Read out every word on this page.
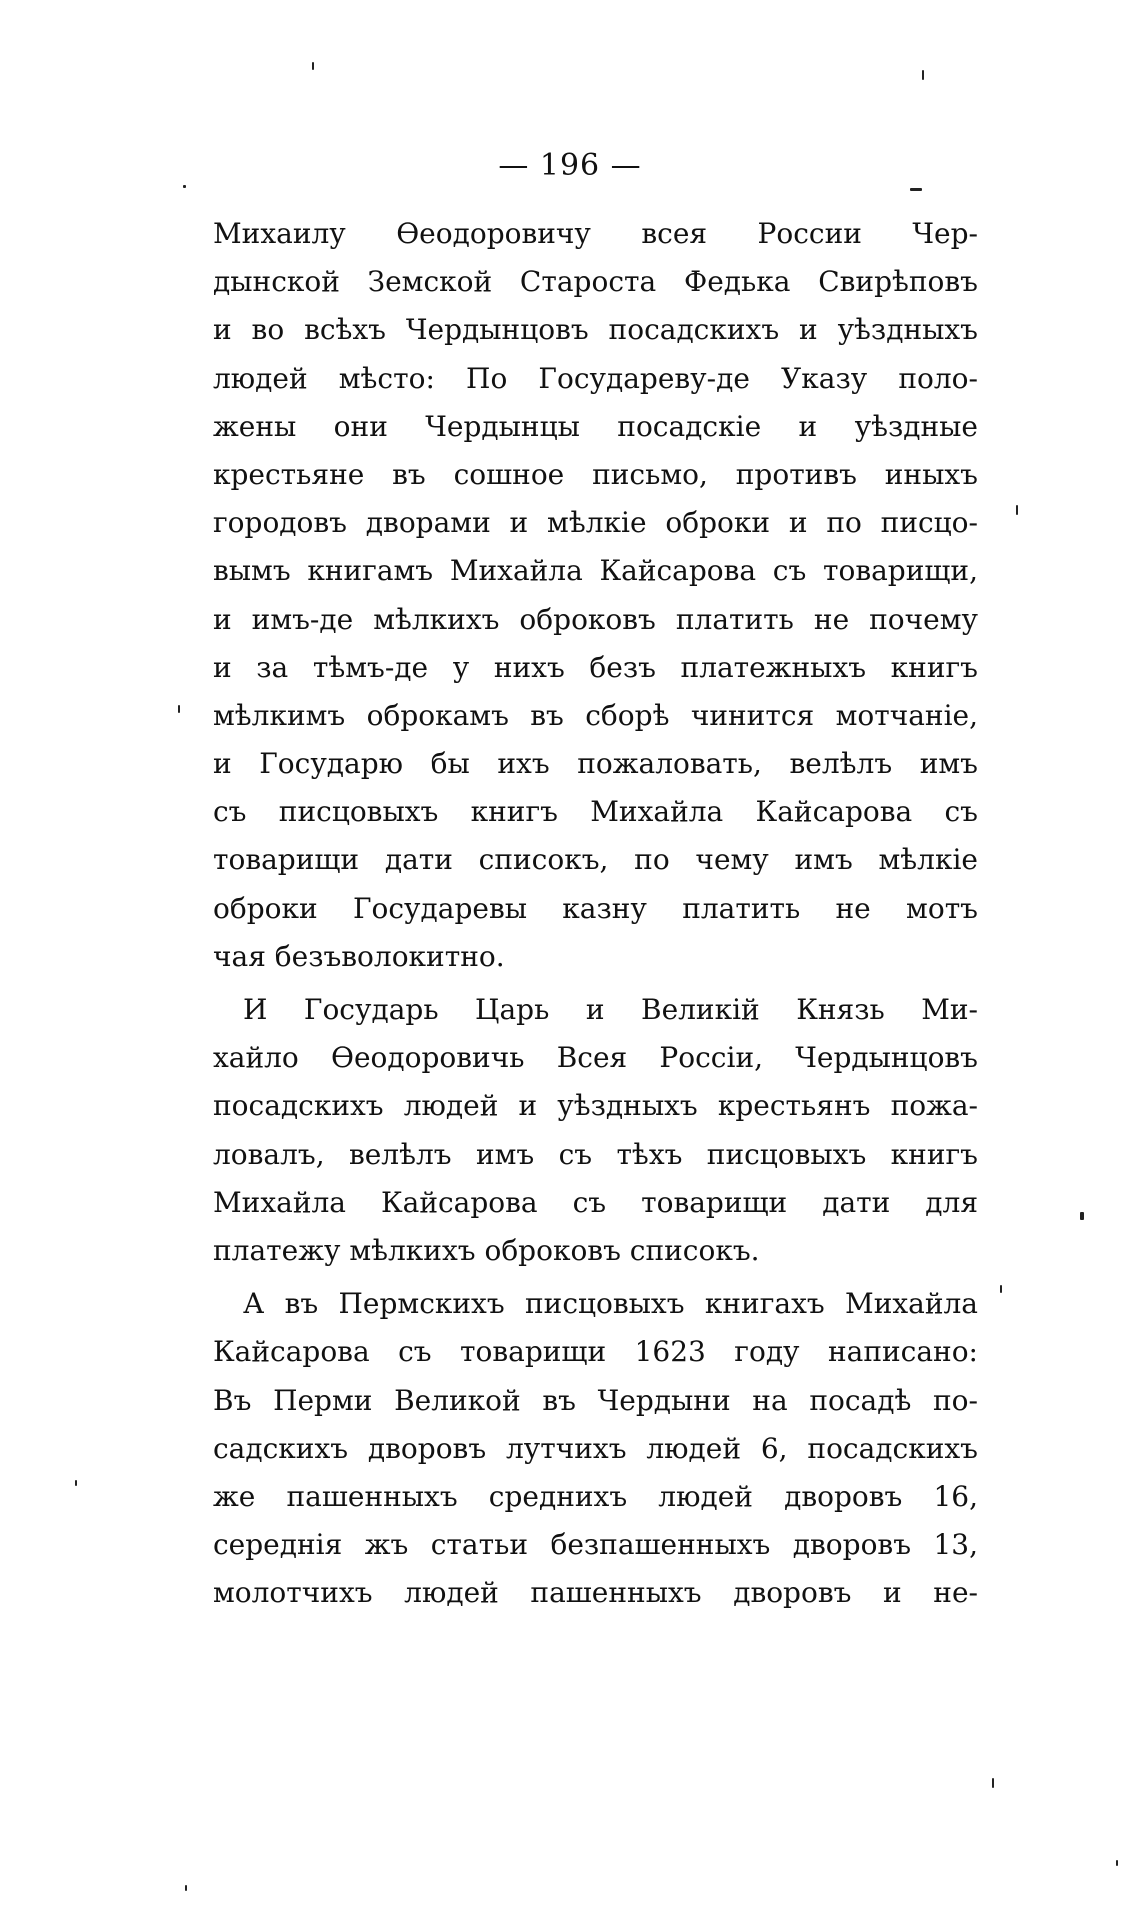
— 196 —
Михаилу Өеодоровичу всея России Чер-
дынской Земской Староста Федька Свирѣповъ
и во всѣхъ Чердынцовъ посадскихъ и уѣздныхъ
людей мѣсто: По Государеву-де Указу поло-
жены они Чердынцы посадскіе и уѣздные
крестьяне въ сошное письмо, противъ иныхъ
городовъ дворами и мѣлкіе оброки и по писцо-
вымъ книгамъ Михайла Кайсарова съ товарищи,
и имъ-де мѣлкихъ оброковъ платить не почему
и за тѣмъ-де у нихъ безъ платежныхъ книгъ
мѣлкимъ оброкамъ въ сборѣ чинится мотчаніе,
и Государю бы ихъ пожаловать, велѣлъ имъ
съ писцовыхъ книгъ Михайла Кайсарова съ
товарищи дати списокъ, по чему имъ мѣлкіе
оброки Государевы казну платить не мотъ
чая безъволокитно.
И Государь Царь и Великій Князь Ми-
хайло Өеодоровичь Всея Россіи, Чердынцовъ
посадскихъ людей и уѣздныхъ крестьянъ пожа-
ловалъ, велѣлъ имъ съ тѣхъ писцовыхъ книгъ
Михайла Кайсарова съ товарищи дати для
платежу мѣлкихъ оброковъ списокъ.
А въ Пермскихъ писцовыхъ книгахъ Михайла
Кайсарова съ товарищи 1623 году написано:
Въ Перми Великой въ Чердыни на посадѣ по-
садскихъ дворовъ лутчихъ людей 6, посадскихъ
же пашенныхъ среднихъ людей дворовъ 16,
середнія жъ статьи безпашенныхъ дворовъ 13,
молотчихъ людей пашенныхъ дворовъ и не-
